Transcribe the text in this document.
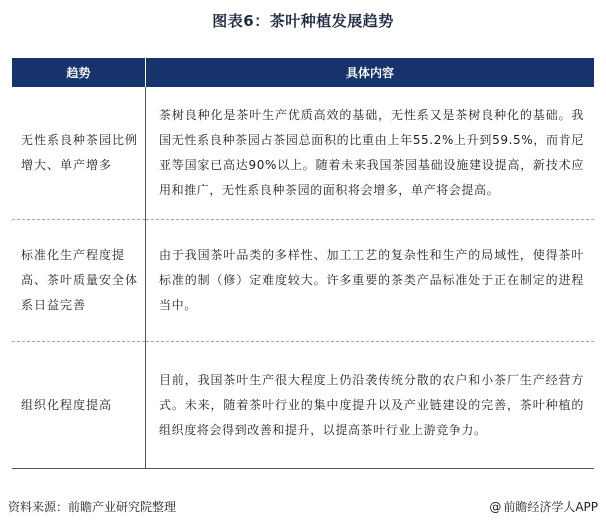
图表6：茶叶种植发展趋势
趋势	具体内容
无性系良种茶园比例增大、单产增多	茶树良种化是茶叶生产优质高效的基础，无性系又是茶树良种化的基础。我国无性系良种茶园占茶园总面积的比重由上年55.2%上升到59.5%，而肯尼亚等国家已高达90%以上。随着未来我国茶园基础设施建设提高，新技术应用和推广，无性系良种茶园的面积将会增多，单产将会提高。
标准化生产程度提高、茶叶质量安全体系日益完善	由于我国茶叶品类的多样性、加工工艺的复杂性和生产的局域性，使得茶叶标准的制（修）定难度较大。许多重要的茶类产品标准处于正在制定的进程当中。
组织化程度提高	目前，我国茶叶生产很大程度上仍沿袭传统分散的农户和小茶厂生产经营方式。未来，随着茶叶行业的集中度提升以及产业链建设的完善，茶叶种植的组织度将会得到改善和提升，以提高茶叶行业上游竞争力。
资料来源：前瞻产业研究院整理	@ 前瞻经济学人APP
